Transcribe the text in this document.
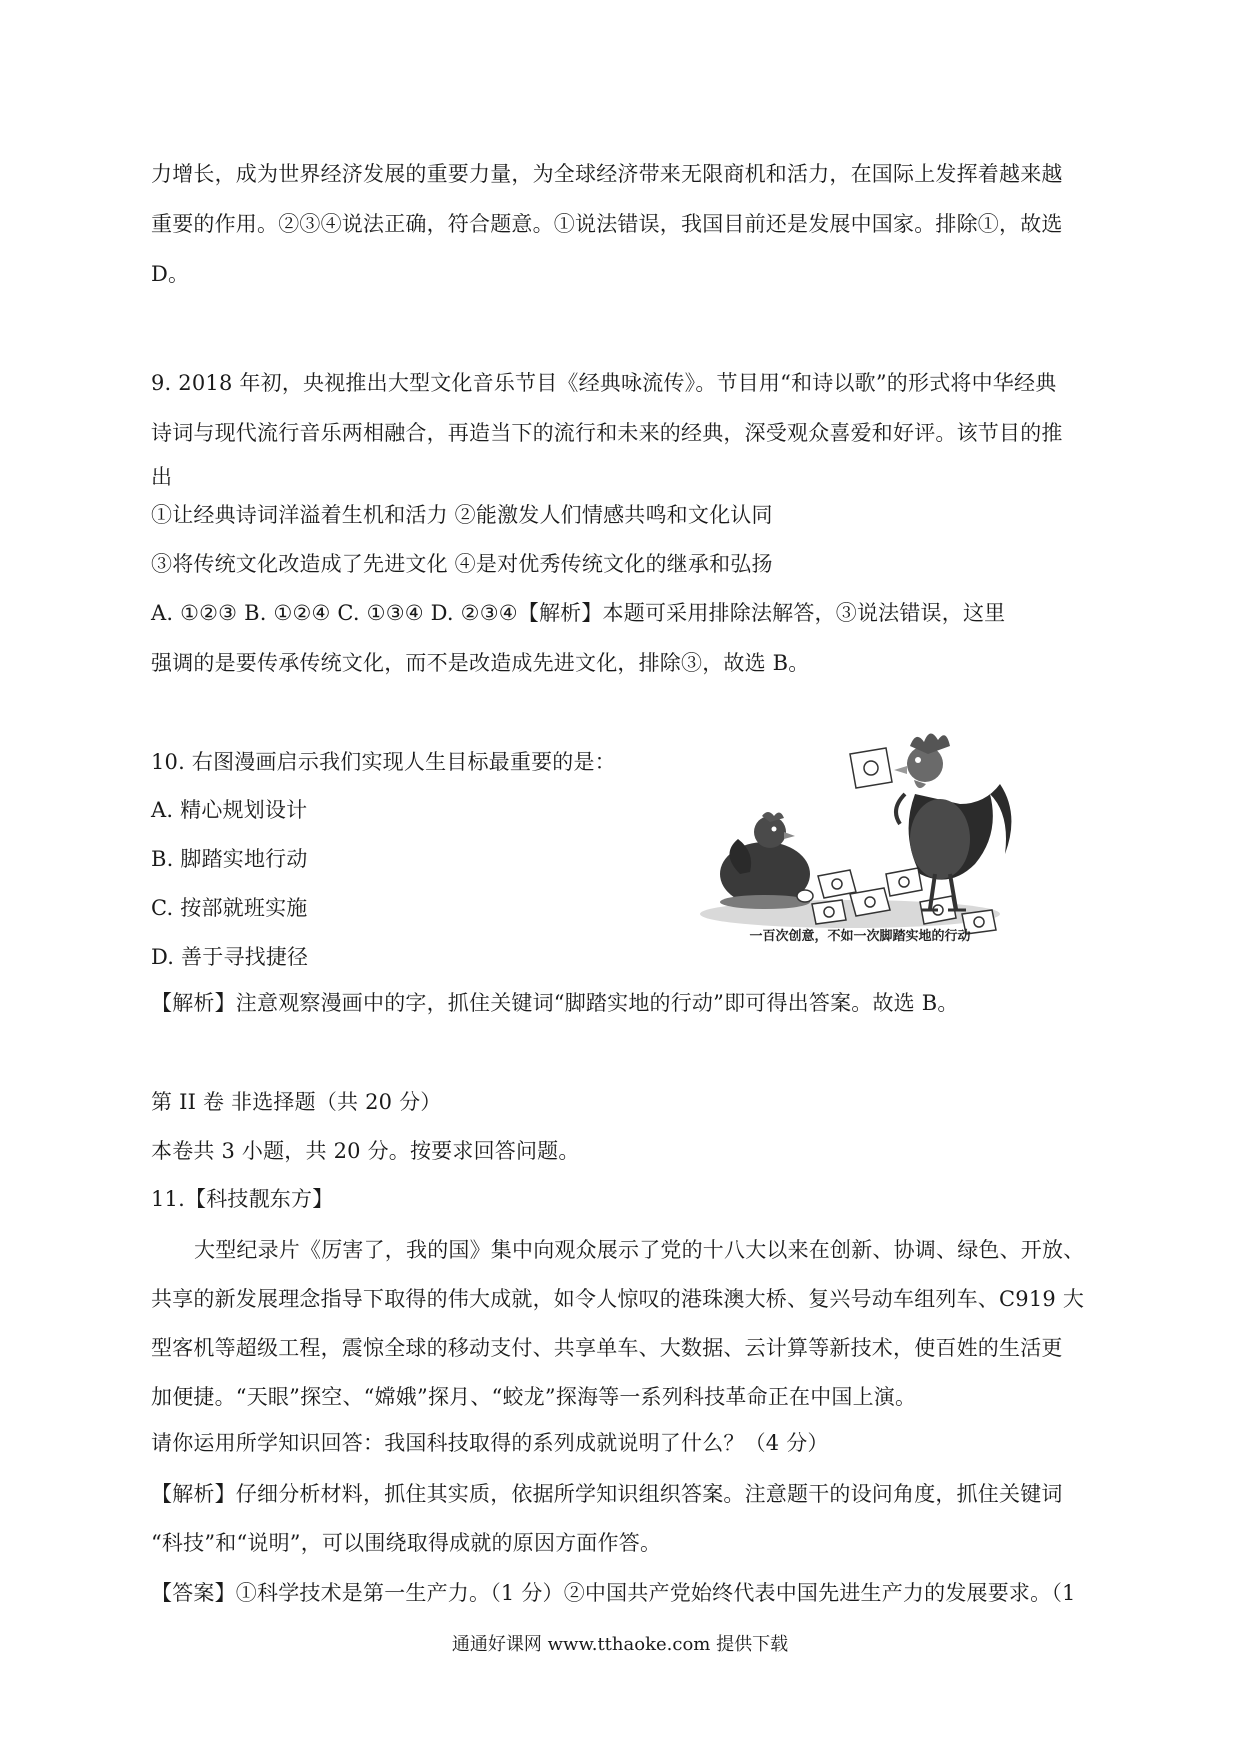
力增长，成为世界经济发展的重要力量，为全球经济带来无限商机和活力，在国际上发挥着越来越
重要的作用。②③④说法正确，符合题意。①说法错误，我国目前还是发展中国家。排除①，故选
D。
9. 2018 年初，央视推出大型文化音乐节目《经典咏流传》。节目用“和诗以歌”的形式将中华经典
诗词与现代流行音乐两相融合，再造当下的流行和未来的经典，深受观众喜爱和好评。该节目的推
出
①让经典诗词洋溢着生机和活力 ②能激发人们情感共鸣和文化认同
③将传统文化改造成了先进文化 ④是对优秀传统文化的继承和弘扬
A. ①②③ B. ①②④ C. ①③④ D. ②③④【解析】本题可采用排除法解答，③说法错误，这里
强调的是要传承传统文化，而不是改造成先进文化，排除③，故选 B。
10. 右图漫画启示我们实现人生目标最重要的是：
A. 精心规划设计
B. 脚踏实地行动
C. 按部就班实施
D. 善于寻找捷径
【解析】注意观察漫画中的字，抓住关键词“脚踏实地的行动”即可得出答案。故选 B。
第 II 卷 非选择题（共 20 分）
本卷共 3 小题，共 20 分。按要求回答问题。
11.【科技靓东方】
大型纪录片《厉害了，我的国》集中向观众展示了党的十八大以来在创新、协调、绿色、开放、
共享的新发展理念指导下取得的伟大成就，如令人惊叹的港珠澳大桥、复兴号动车组列车、C919 大
型客机等超级工程，震惊全球的移动支付、共享单车、大数据、云计算等新技术，使百姓的生活更
加便捷。“天眼”探空、“嫦娥”探月、“蛟龙”探海等一系列科技革命正在中国上演。
请你运用所学知识回答：我国科技取得的系列成就说明了什么？（4 分）
【解析】仔细分析材料，抓住其实质，依据所学知识组织答案。注意题干的设问角度，抓住关键词
“科技”和“说明”，可以围绕取得成就的原因方面作答。
【答案】①科学技术是第一生产力。（1 分）②中国共产党始终代表中国先进生产力的发展要求。（1
一百次创意，不如一次脚踏实地的行动
通通好课网 www.tthaoke.com 提供下载
